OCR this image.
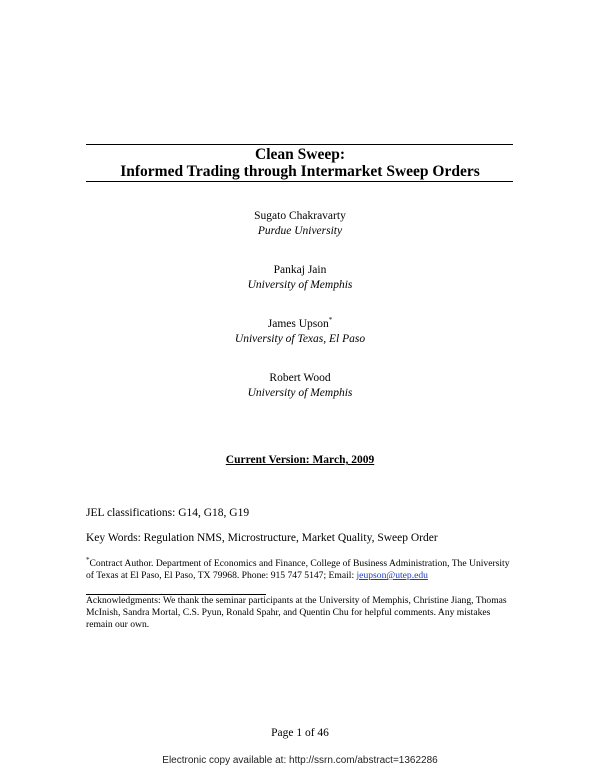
Clean Sweep:
Informed Trading through Intermarket Sweep Orders
Sugato Chakravarty
Purdue University
Pankaj Jain
University of Memphis
James Upson*
University of Texas, El Paso
Robert Wood
University of Memphis
Current Version: March, 2009
JEL classifications: G14, G18, G19
Key Words: Regulation NMS, Microstructure, Market Quality, Sweep Order
*Contract Author. Department of Economics and Finance, College of Business Administration, The University of Texas at El Paso, El Paso, TX 79968. Phone: 915 747 5147; Email: jeupson@utep.edu
Acknowledgments: We thank the seminar participants at the University of Memphis, Christine Jiang, Thomas McInish, Sandra Mortal, C.S. Pyun, Ronald Spahr, and Quentin Chu for helpful comments. Any mistakes remain our own.
Page 1 of 46
Electronic copy available at: http://ssrn.com/abstract=1362286
